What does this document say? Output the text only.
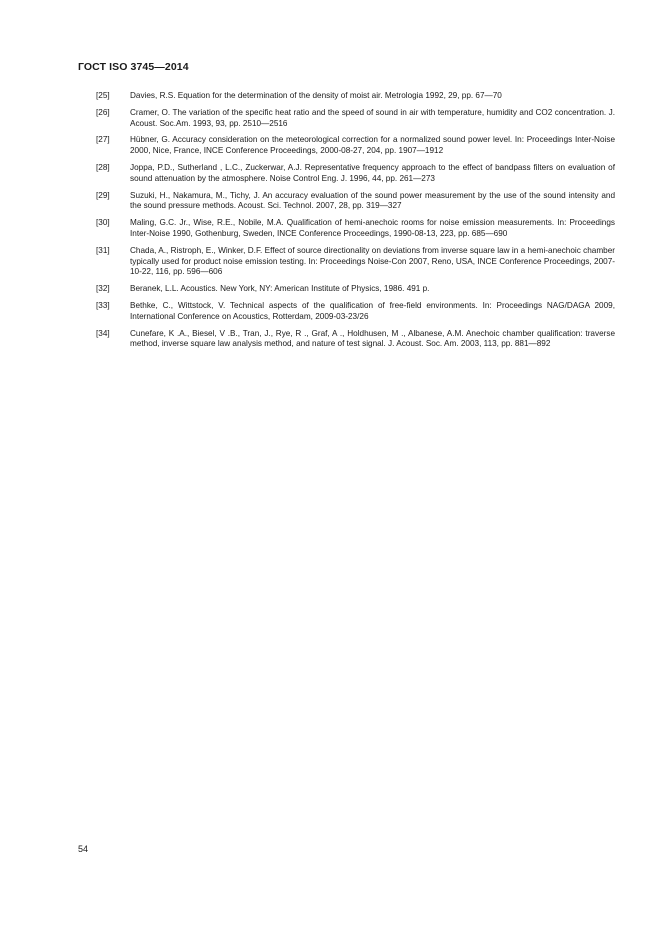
ГОСТ ISO 3745—2014
[25]	Davies, R.S. Equation for the determination of the density of moist air. Metrologia 1992, 29, pp. 67—70
[26]	Cramer, O. The variation of the specific heat ratio and the speed of sound in air with temperature, humidity and CO2 concentration. J. Acoust. Soc.Am. 1993, 93, pp. 2510—2516
[27]	Hübner, G. Accuracy consideration on the meteorological correction for a normalized sound power level. In: Proceedings Inter-Noise 2000, Nice, France, INCE Conference Proceedings, 2000-08-27, 204, pp. 1907—1912
[28]	Joppa, P.D., Sutherland , L.C., Zuckerwar, A.J. Representative frequency approach to the effect of bandpass filters on evaluation of sound attenuation by the atmosphere. Noise Control Eng. J. 1996, 44, pp. 261—273
[29]	Suzuki, H., Nakamura, M., Tichy, J. An accuracy evaluation of the sound power measurement by the use of the sound intensity and the sound pressure methods. Acoust. Sci. Technol. 2007, 28, pp. 319—327
[30]	Maling, G.C. Jr., Wise, R.E., Nobile, M.A. Qualification of hemi-anechoic rooms for noise emission measurements. In: Proceedings Inter-Noise 1990, Gothenburg, Sweden, INCE Conference Proceedings, 1990-08-13, 223, pp. 685—690
[31]	Chada, A., Ristroph, E., Winker, D.F. Effect of source directionality on deviations from inverse square law in a hemi-anechoic chamber typically used for product noise emission testing. In: Proceedings Noise-Con 2007, Reno, USA, INCE Conference Proceedings, 2007-10-22, 116, pp. 596—606
[32]	Beranek, L.L. Acoustics. New York, NY: American Institute of Physics, 1986. 491 p.
[33]	Bethke, C., Wittstock, V. Technical aspects of the qualification of free-field environments. In: Proceedings NAG/DAGA 2009, International Conference on Acoustics, Rotterdam, 2009-03-23/26
[34]	Cunefare, K .A., Biesel, V .B., Tran, J., Rye, R ., Graf, A ., Holdhusen, M ., Albanese, A.M. Anechoic chamber qualification: traverse method, inverse square law analysis method, and nature of test signal. J. Acoust. Soc. Am. 2003, 113, pp. 881—892
54
